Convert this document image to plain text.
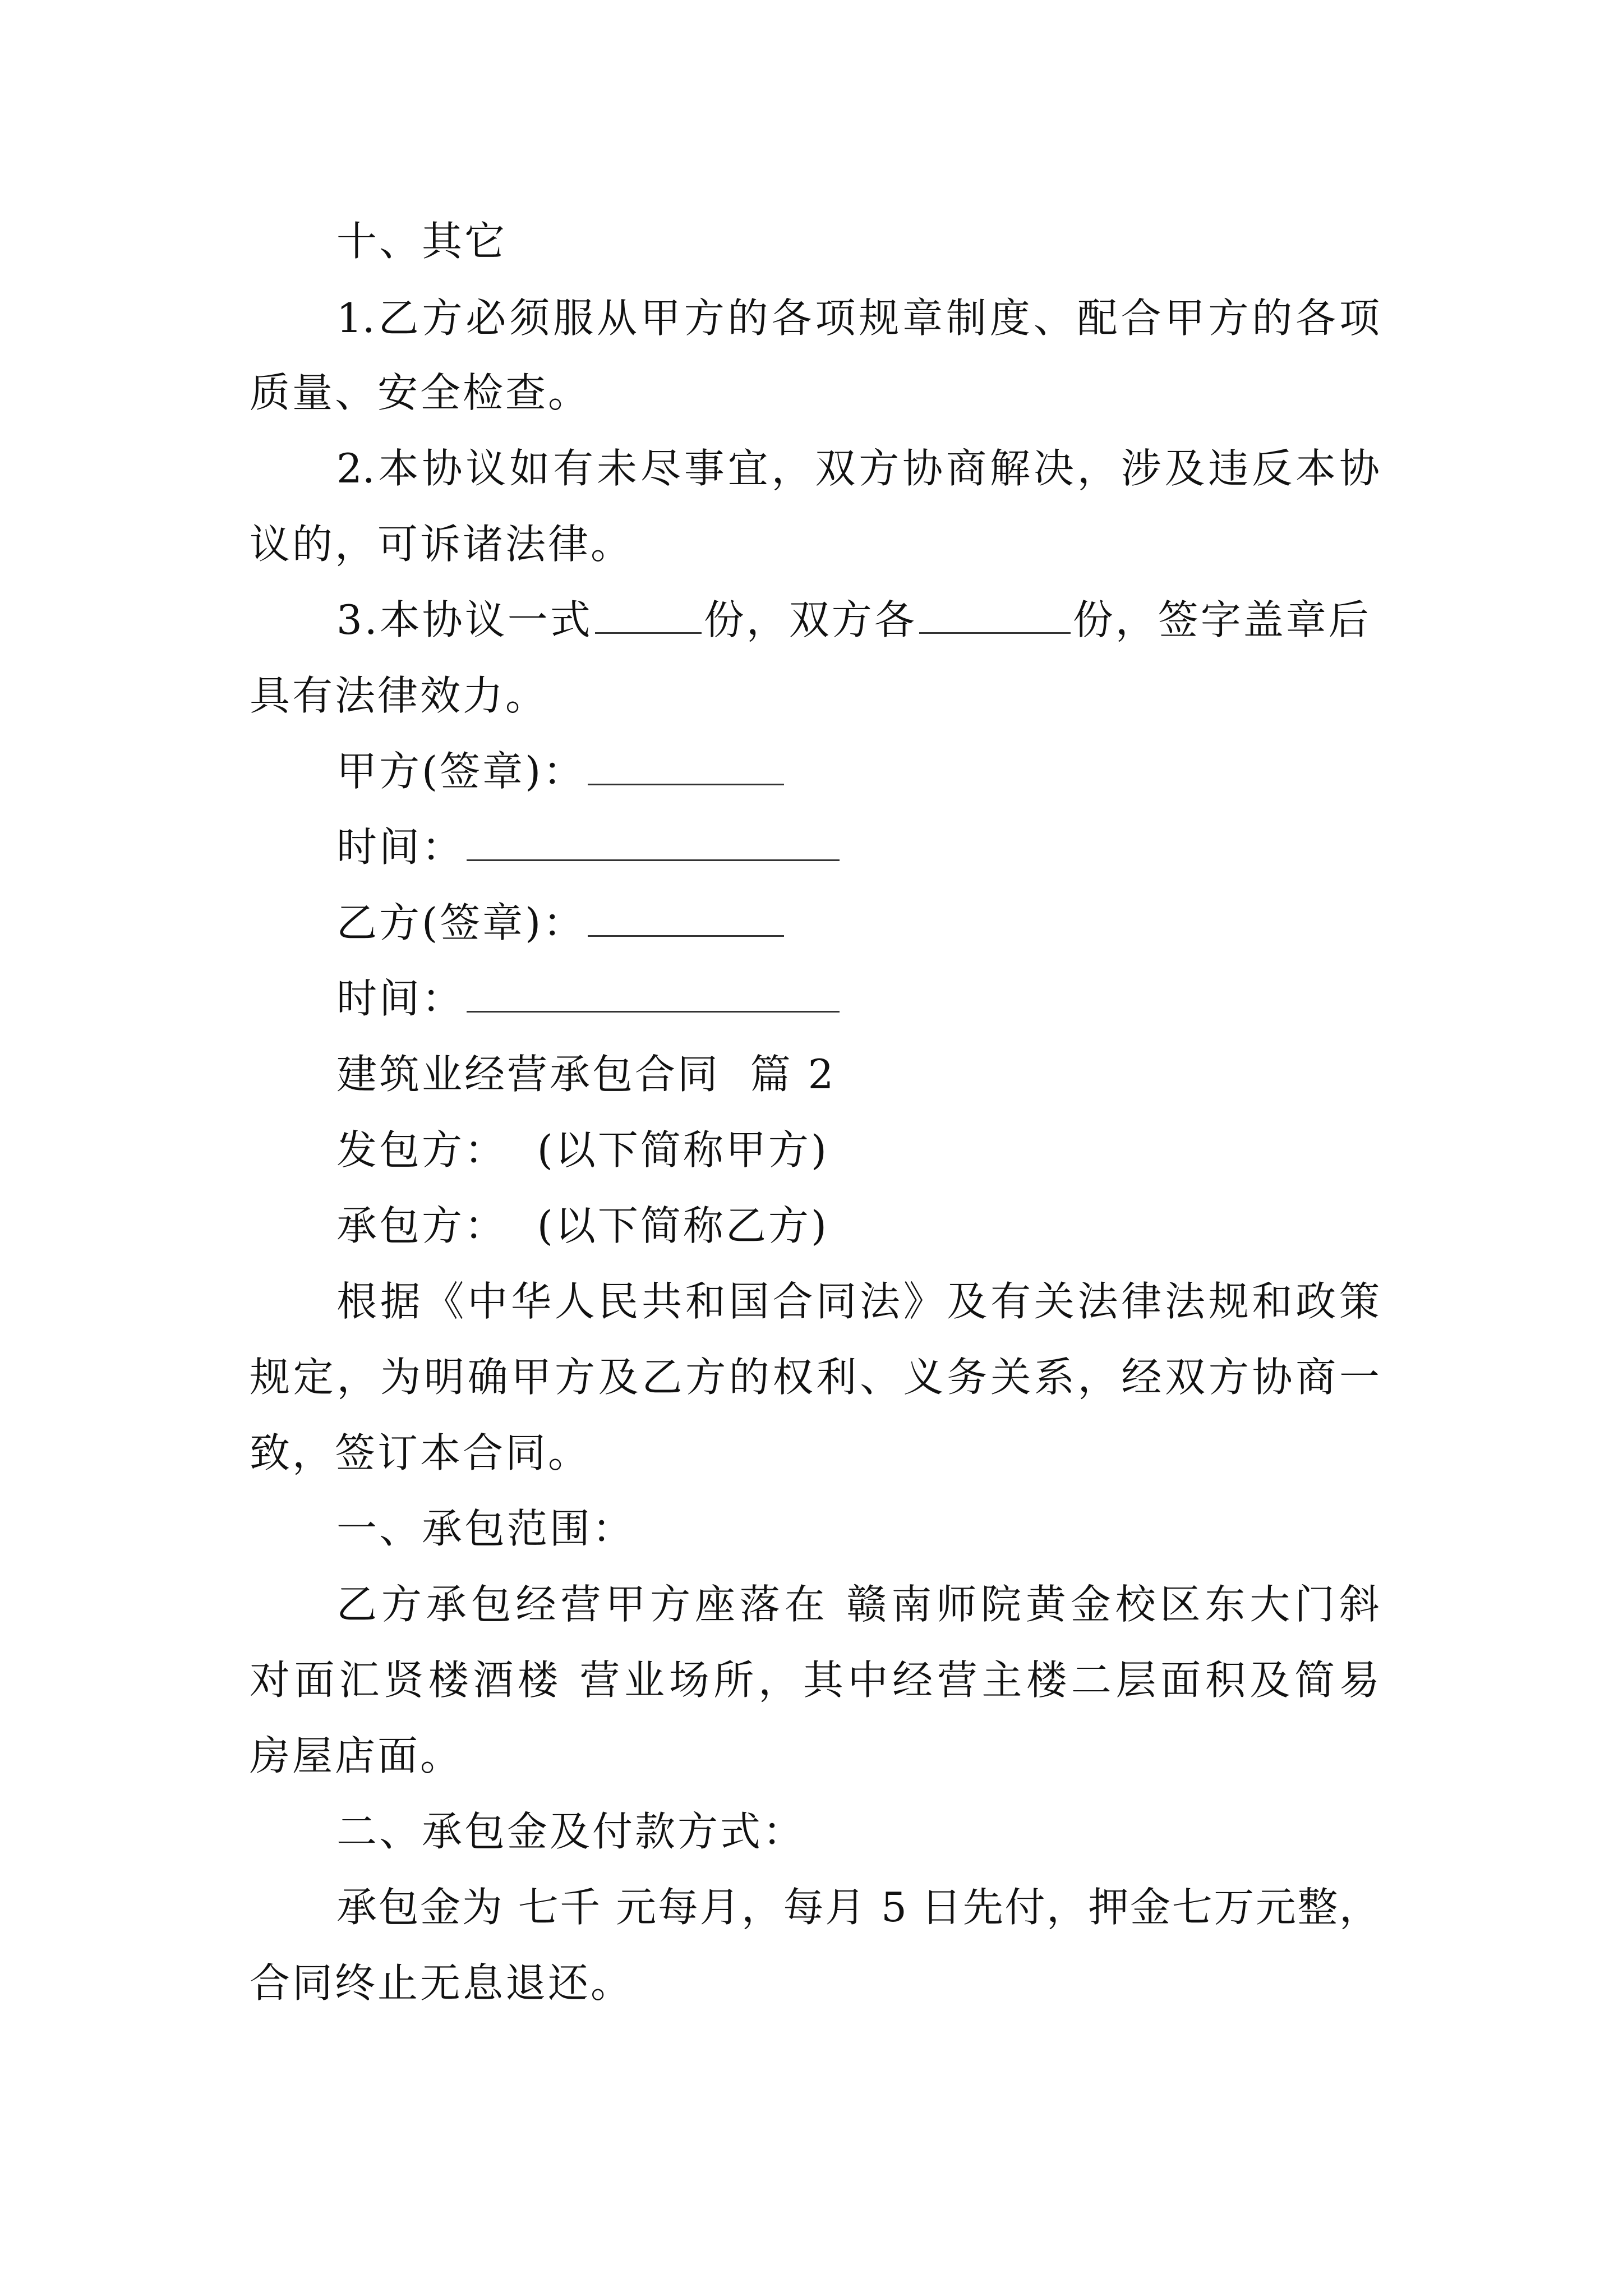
十、其它
1.乙方必须服从甲方的各项规章制度、配合甲方的各项
质量、安全检查。
2.本协议如有未尽事宜，双方协商解决，涉及违反本协
议的，可诉诸法律。
3.本协议一式	份，双方各	份，签字盖章后
具有法律效力。
甲方(签章)：
时间：
乙方(签章)：
时间：
建筑业经营承包合同  篇 2
发包方：  (以下简称甲方)
承包方：  (以下简称乙方)
根据《中华人民共和国合同法》及有关法律法规和政策
规定，为明确甲方及乙方的权利、义务关系，经双方协商一
致，签订本合同。
一、承包范围：
乙方承包经营甲方座落在 赣南师院黄金校区东大门斜
对面汇贤楼酒楼 营业场所，其中经营主楼二层面积及简易
房屋店面。
二、承包金及付款方式：
承包金为 七千 元每月，每月 5 日先付，押金七万元整，
合同终止无息退还。
